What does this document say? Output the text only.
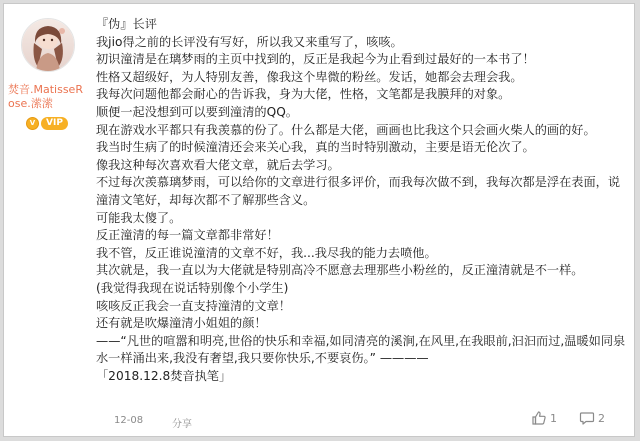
焚音.MatisseRose.潆潆
V	VIP

『伪』长评

我jio得之前的长评没有写好，所以我又来重写了，咳咳。

初识潼清是在璃梦雨的主页中找到的，反正是我起今为止看到过最好的一本书了！

性格又超级好，为人特别友善，像我这个卑微的粉丝。发话，她都会去理会我。

我每次问题他都会耐心的告诉我，身为大佬，性格，文笔都是我膜拜的对象。

顺便一起没想到可以要到潼清的QQ。

现在游戏水平都只有我羡慕的份了。什么都是大佬，画画也比我这个只会画火柴人的画的好。

我当时生病了的时候潼清还会来关心我，真的当时特别激动，主要是语无伦次了。

像我这种每次喜欢看大佬文章，就后去学习。

不过每次羡慕璃梦雨，可以给你的文章进行很多评价，而我每次做不到，我每次都是浮在表面，说潼清文笔好，却每次都不了解那些含义。

可能我太傻了。

反正潼清的每一篇文章都非常好！

我不管，反正谁说潼清的文章不好，我...我尽我的能力去喷他。

其次就是，我一直以为大佬就是特别高冷不愿意去理那些小粉丝的，反正潼清就是不一样。

(我觉得我现在说话特别像个小学生)

咳咳反正我会一直支持潼清的文章！

还有就是吹爆潼清小姐姐的颜！

——“凡世的喧嚣和明亮,世俗的快乐和幸福,如同清亮的溪涧,在风里,在我眼前,汩汩而过,温暖如同泉水一样涌出来,我没有奢望,我只要你快乐,不要哀伤。” ————

「2018.12.8焚音执笔」

12-08	分享	1	2
